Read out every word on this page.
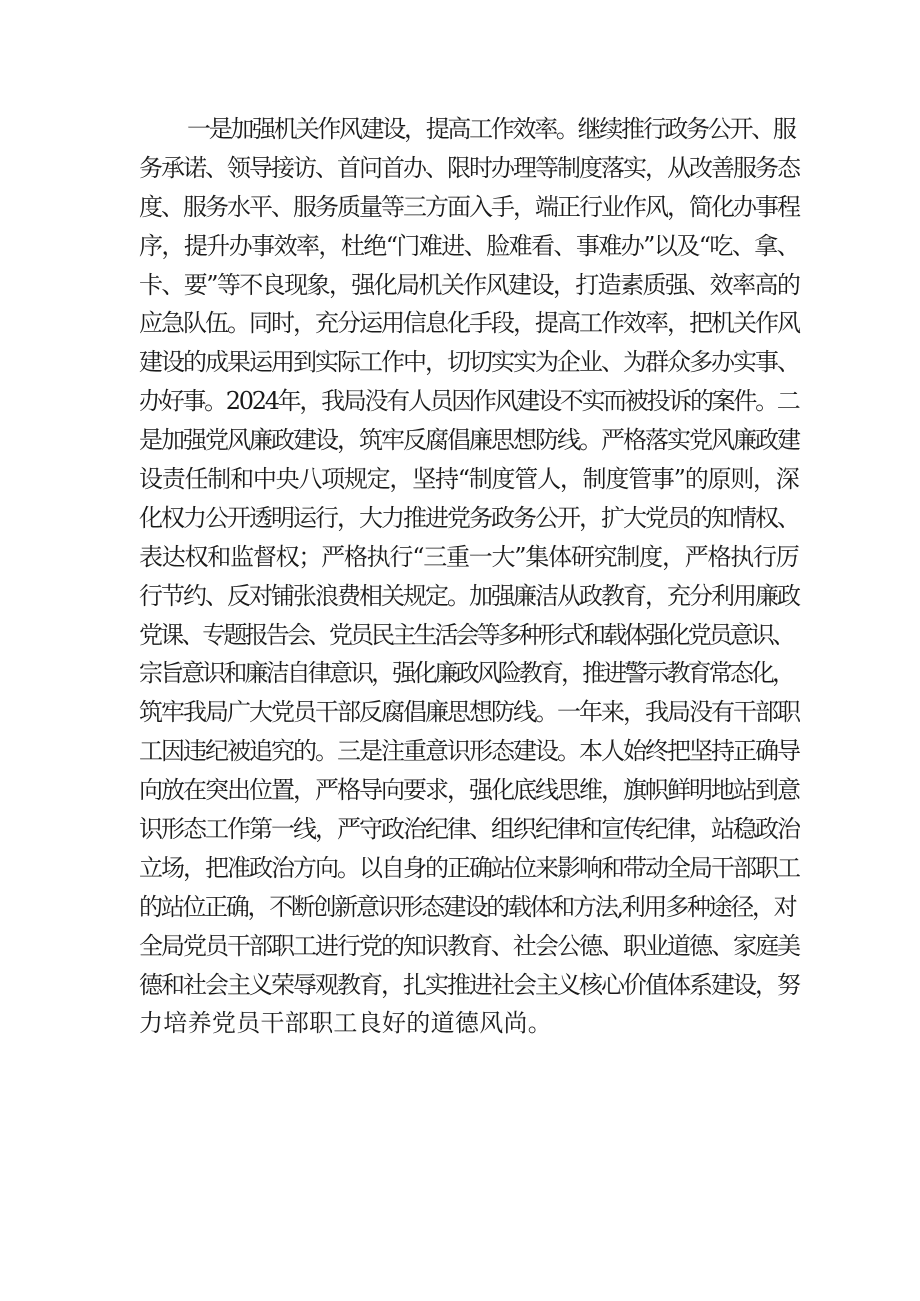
一是加强机关作风建设，提高工作效率。继续推行政务公开、服
务承诺、领导接访、首问首办、限时办理等制度落实，从改善服务态
度、服务水平、服务质量等三方面入手，端正行业作风，简化办事程
序，提升办事效率，杜绝“门难进、脸难看、事难办”以及“吃、拿、
卡、要”等不良现象，强化局机关作风建设，打造素质强、效率高的
应急队伍。同时，充分运用信息化手段，提高工作效率，把机关作风
建设的成果运用到实际工作中，切切实实为企业、为群众多办实事、
办好事。2024年，我局没有人员因作风建设不实而被投诉的案件。二
是加强党风廉政建设，筑牢反腐倡廉思想防线。严格落实党风廉政建
设责任制和中央八项规定，坚持“制度管人，制度管事”的原则，深
化权力公开透明运行，大力推进党务政务公开，扩大党员的知情权、
表达权和监督权；严格执行“三重一大”集体研究制度，严格执行厉
行节约、反对铺张浪费相关规定。加强廉洁从政教育，充分利用廉政
党课、专题报告会、党员民主生活会等多种形式和载体强化党员意识、
宗旨意识和廉洁自律意识，强化廉政风险教育，推进警示教育常态化，
筑牢我局广大党员干部反腐倡廉思想防线。一年来，我局没有干部职
工因违纪被追究的。三是注重意识形态建设。本人始终把坚持正确导
向放在突出位置，严格导向要求，强化底线思维，旗帜鲜明地站到意
识形态工作第一线，严守政治纪律、组织纪律和宣传纪律，站稳政治
立场，把准政治方向。以自身的正确站位来影响和带动全局干部职工
的站位正确，不断创新意识形态建设的载体和方法,利用多种途径，对
全局党员干部职工进行党的知识教育、社会公德、职业道德、家庭美
德和社会主义荣辱观教育，扎实推进社会主义核心价值体系建设，努
力培养党员干部职工良好的道德风尚。
